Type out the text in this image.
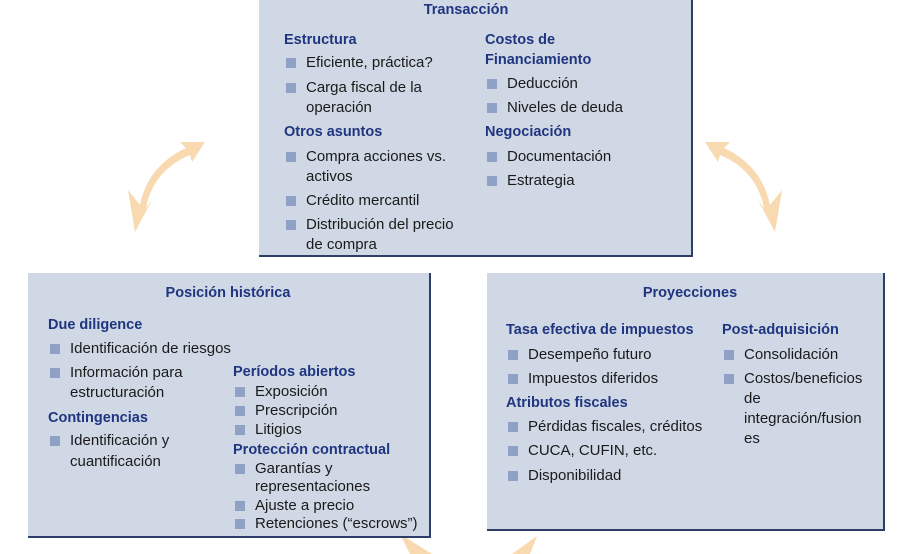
Transacción
Estructura
Eficiente, práctica?
Carga fiscal de la
operación
Otros asuntos
Compra acciones vs.
activos
Crédito mercantil
Distribución del precio
de compra
Costos de
Financiamiento
Deducción
Niveles de deuda
Negociación
Documentación
Estrategia
Posición histórica
Due diligence
Identificación de riesgos
Información para
estructuración
Contingencias
Identificación y
cuantificación
Períodos abiertos
Exposición
Prescripción
Litigios
Protección contractual
Garantías y
representaciones
Ajuste a precio
Retenciones (“escrows”)
Proyecciones
Tasa efectiva de impuestos
Desempeño futuro
Impuestos diferidos
Atributos fiscales
Pérdidas fiscales, créditos
CUCA, CUFIN, etc.
Disponibilidad
Post-adquisición
Consolidación
Costos/beneficios
de
integración/fusion
es
